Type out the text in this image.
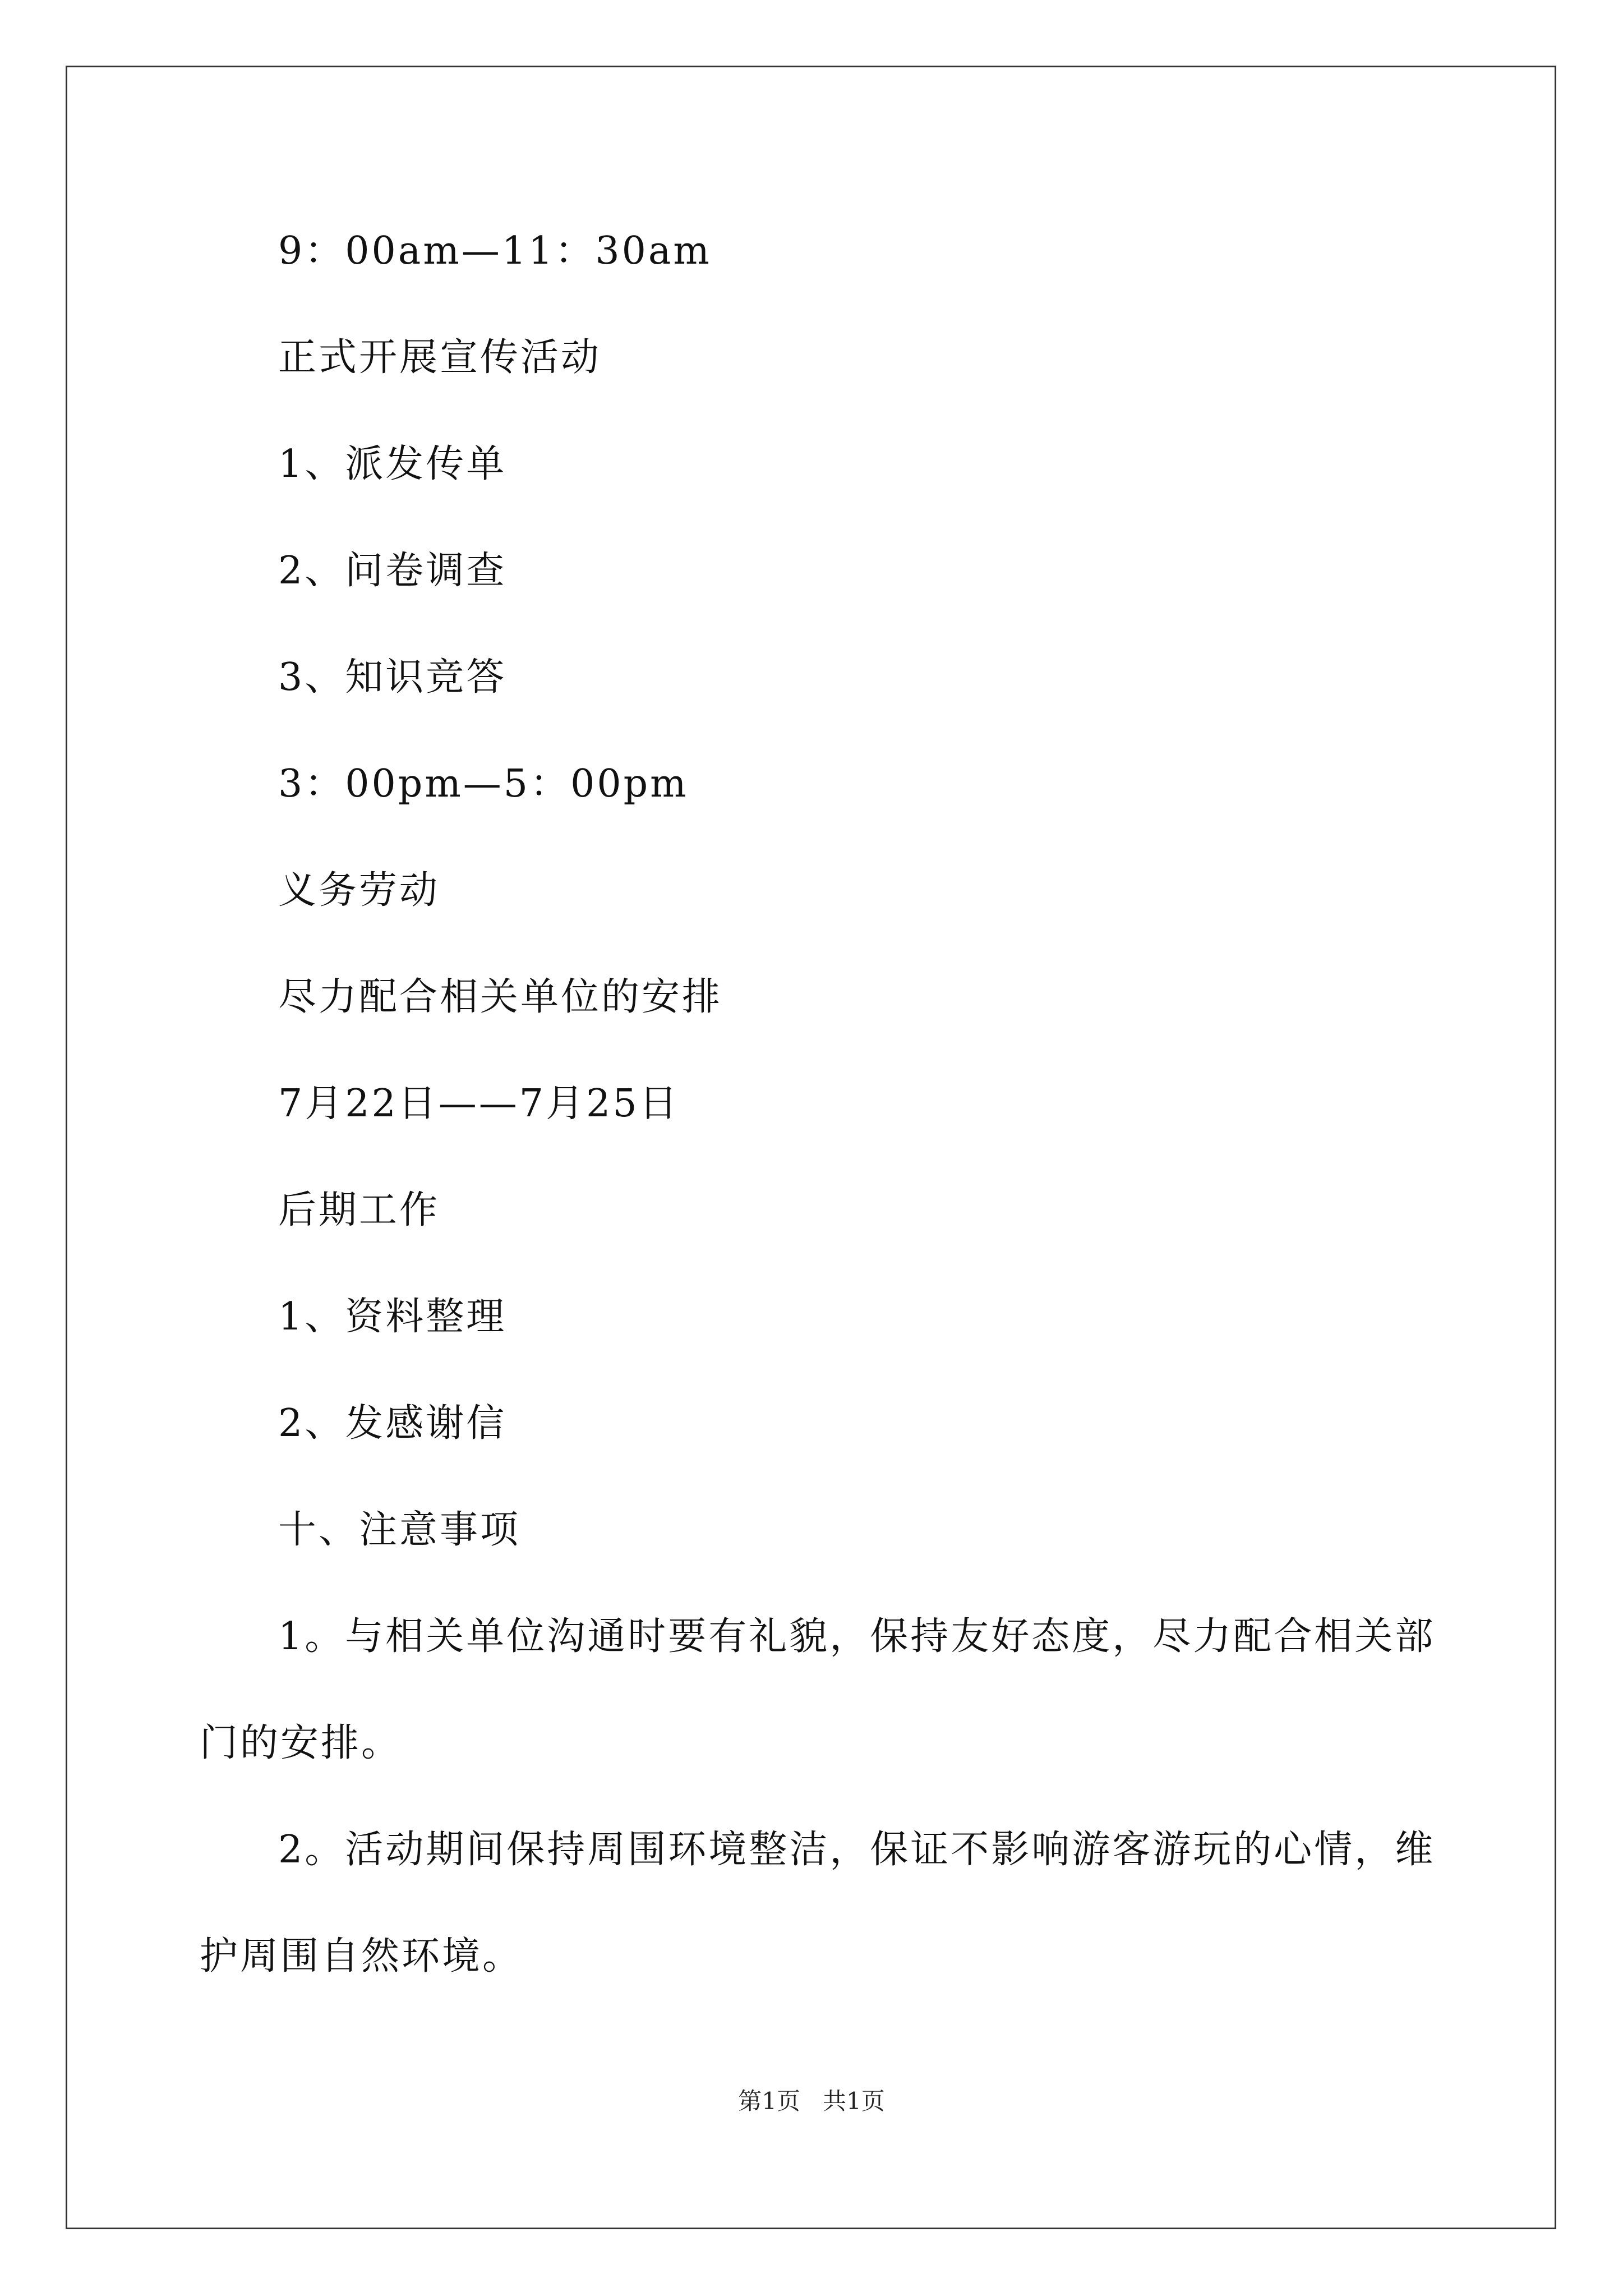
9：00am—11：30am
正式开展宣传活动
1、派发传单
2、问卷调查
3、知识竞答
3：00pm—5：00pm
义务劳动
尽力配合相关单位的安排
7月22日——7月25日
后期工作
1、资料整理
2、发感谢信
十、注意事项
1。与相关单位沟通时要有礼貌，保持友好态度，尽力配合相关部
门的安排。
2。活动期间保持周围环境整洁，保证不影响游客游玩的心情，维
护周围自然环境。
第1页   共1页
